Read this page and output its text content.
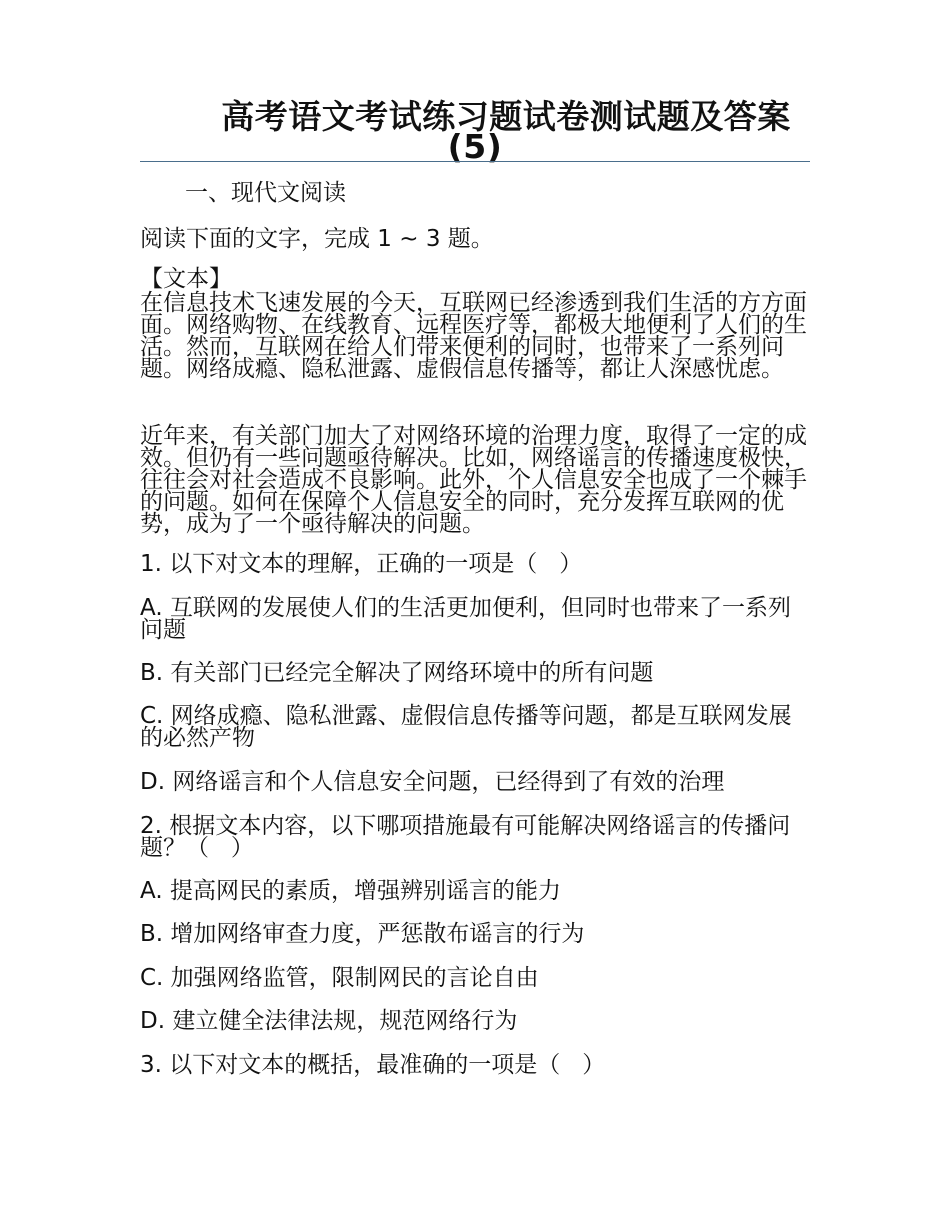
高考语文考试练习题试卷测试题及答案(5)
一、现代文阅读
阅读下面的文字，完成 1 ~ 3 题。
【文本】
在信息技术飞速发展的今天，互联网已经渗透到我们生活的方方面面。网络购物、在线教育、远程医疗等，都极大地便利了人们的生活。然而，互联网在给人们带来便利的同时，也带来了一系列问题。网络成瘾、隐私泄露、虚假信息传播等，都让人深感忧虑。
近年来，有关部门加大了对网络环境的治理力度，取得了一定的成效。但仍有一些问题亟待解决。比如，网络谣言的传播速度极快，往往会对社会造成不良影响。此外，个人信息安全也成了一个棘手的问题。如何在保障个人信息安全的同时，充分发挥互联网的优势，成为了一个亟待解决的问题。
1. 以下对文本的理解，正确的一项是（   ）
A. 互联网的发展使人们的生活更加便利，但同时也带来了一系列问题
B. 有关部门已经完全解决了网络环境中的所有问题
C. 网络成瘾、隐私泄露、虚假信息传播等问题，都是互联网发展的必然产物
D. 网络谣言和个人信息安全问题，已经得到了有效的治理
2. 根据文本内容，以下哪项措施最有可能解决网络谣言的传播问题？（   ）
A. 提高网民的素质，增强辨别谣言的能力
B. 增加网络审查力度，严惩散布谣言的行为
C. 加强网络监管，限制网民的言论自由
D. 建立健全法律法规，规范网络行为
3. 以下对文本的概括，最准确的一项是（   ）
